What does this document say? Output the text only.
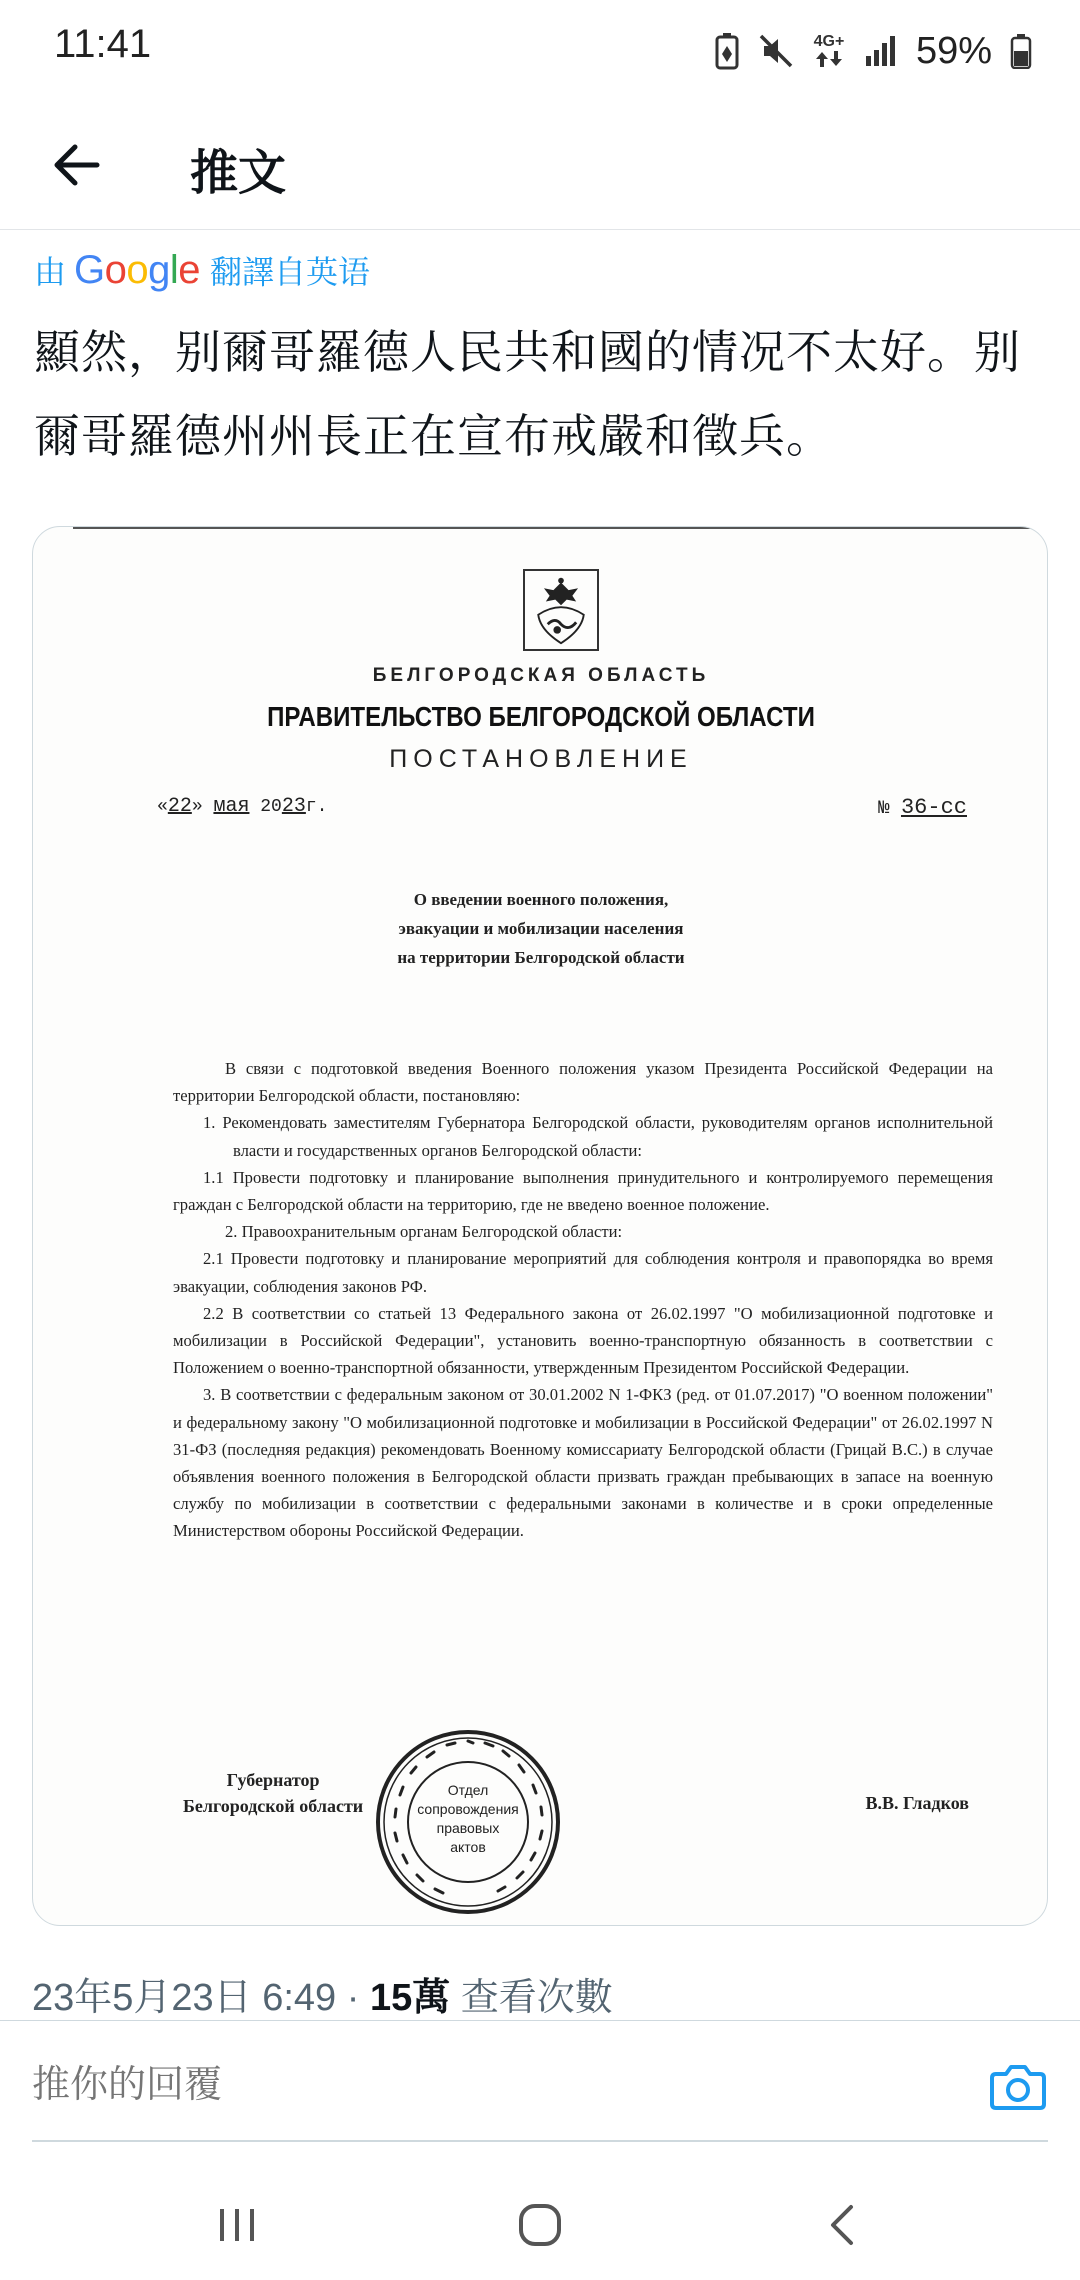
11:41	4G+ 59%
推文
由 Google 翻譯自英语
顯然，别爾哥羅德人民共和國的情况不太好。别爾哥羅德州州長正在宣布戒嚴和徵兵。
БЕЛГОРОДСКАЯ ОБЛАСТЬ
ПРАВИТЕЛЬСТВО БЕЛГОРОДСКОЙ ОБЛАСТИ
ПОСТАНОВЛЕНИЕ
«22» мая 2023г.	№ 36-сс
О введении военного положения,
эвакуации и мобилизации населения
на территории Белгородской области

В связи с подготовкой введения Военного положения указом Президента Российской Федерации на территории Белгородской области, постановляю:

1. Рекомендовать заместителям Губернатора Белгородской области, руководителям органов исполнительной власти и государственных органов Белгородской области:

1.1 Провести подготовку и планирование выполнения принудительного и контролируемого перемещения граждан с Белгородской области на территорию, где не введено военное положение.

2. Правоохранительным органам Белгородской области:

2.1 Провести подготовку и планирование мероприятий для соблюдения контроля и правопорядка во время эвакуации, соблюдения законов РФ.

2.2 В соответствии со статьей 13 Федерального закона от 26.02.1997 "О мобилизационной подготовке и мобилизации в Российской Федерации", установить военно-транспортную обязанность в соответствии с Положением о военно-транспортной обязанности, утвержденным Президентом Российской Федерации.

3. В соответствии с федеральным законом от 30.01.2002 N 1-ФКЗ (ред. от 01.07.2017) "О военном положении" и федеральному закону "О мобилизационной подготовке и мобилизации в Российской Федерации" от 26.02.1997 N 31-ФЗ (последняя редакция) рекомендовать Военному комиссариату Белгородской области (Грицай В.С.) в случае объявления военного положения в Белгородской области призвать граждан пребывающих в запасе на военную службу по мобилизации в соответствии с федеральными законами в количестве и в сроки определенные Министерством обороны Российской Федерации.

Губернатор
Белгородской области	В.В. Гладков
Отдел
сопровождения
правовых
актов
23年5月23日 6:49 · 15萬 查看次數
推你的回覆
